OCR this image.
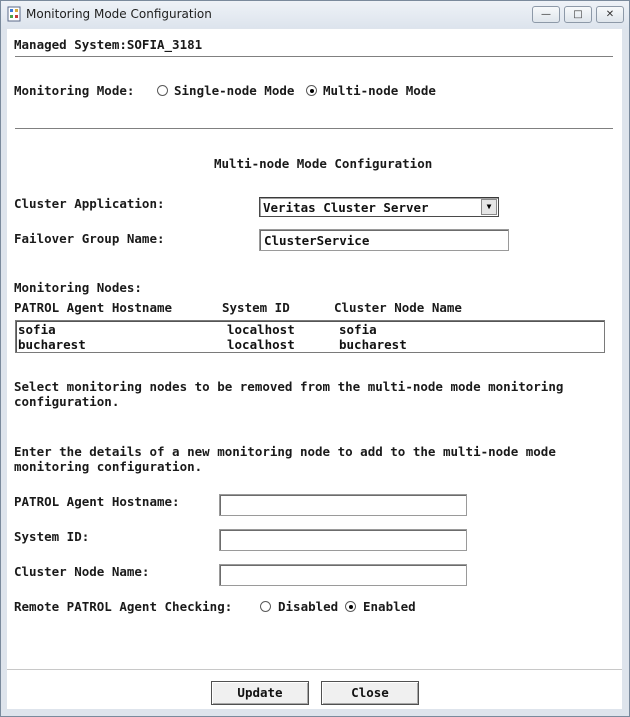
Monitoring Mode Configuration	—	□	✕
Managed System:SOFIA_3181
Monitoring Mode:	Single-node Mode Multi-node Mode
Multi-node Mode Configuration
Cluster Application:	Veritas Cluster Server	▼
Failover Group Name:
ClusterService
Monitoring Nodes:
PATROL Agent Hostname	System ID	Cluster Node Name
sofia	localhost	sofia
bucharest	localhost	bucharest
Select monitoring nodes to be removed from the multi-node mode monitoring
configuration.
Enter the details of a new monitoring node to add to the multi-node mode
monitoring configuration.
PATROL Agent Hostname:
System ID:
Cluster Node Name:
Remote PATROL Agent Checking:	Disabled Enabled
Update	Close
